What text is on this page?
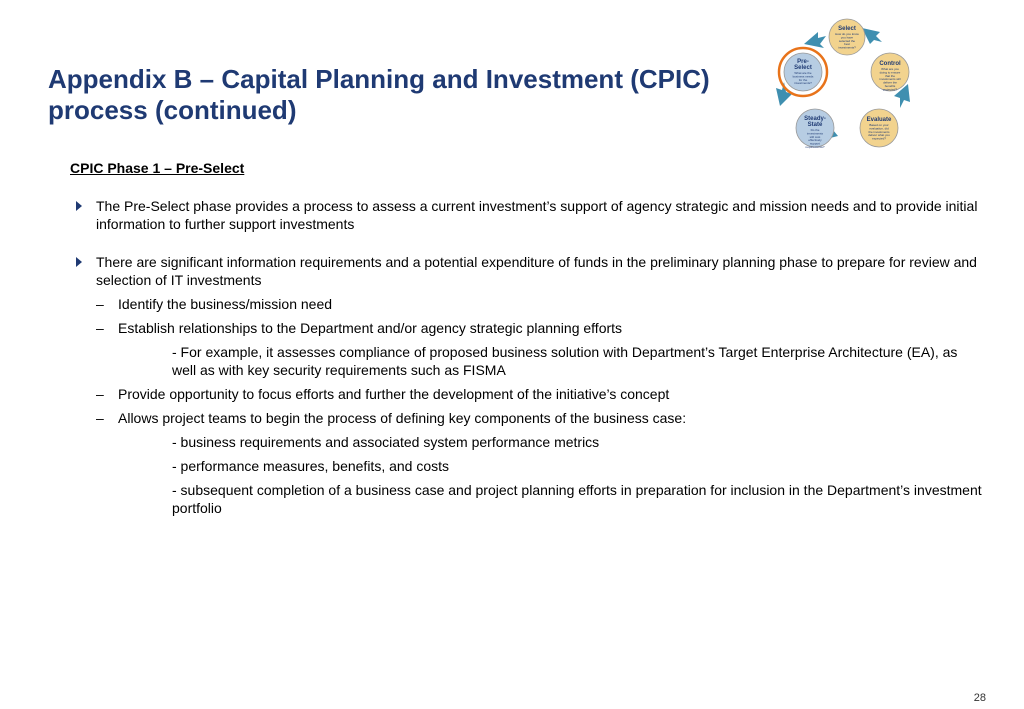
Appendix B – Capital Planning and Investment (CPIC) process (continued)
Select
How do you know you have selected the best investments?
Control
What are you doing to ensure that the investments will deliver the benefits projected?
Evaluate
Based on your evaluation, did the investments deliver what you expected?
Steady-State
Do the investments still cost effectively support requirements?
Pre-Select
What are the business needs for the investments?
CPIC Phase 1 – Pre-Select
The Pre-Select phase provides a process to assess a current investment’s support of agency strategic and mission needs and to provide initial information to further support investments
There are significant information requirements and a potential expenditure of funds in the preliminary planning phase to prepare for review and selection of IT investments
– Identify the business/mission need
– Establish relationships to the Department and/or agency strategic planning efforts
- For example, it assesses compliance of proposed business solution with Department’s Target Enterprise Architecture (EA), as well as with key security requirements such as FISMA
– Provide opportunity to focus efforts and further the development of the initiative’s concept
– Allows project teams to begin the process of defining key components of the business case:
- business requirements and associated system performance metrics
- performance measures, benefits, and costs
- subsequent completion of a business case and project planning efforts in preparation for inclusion in the Department’s investment portfolio
28
